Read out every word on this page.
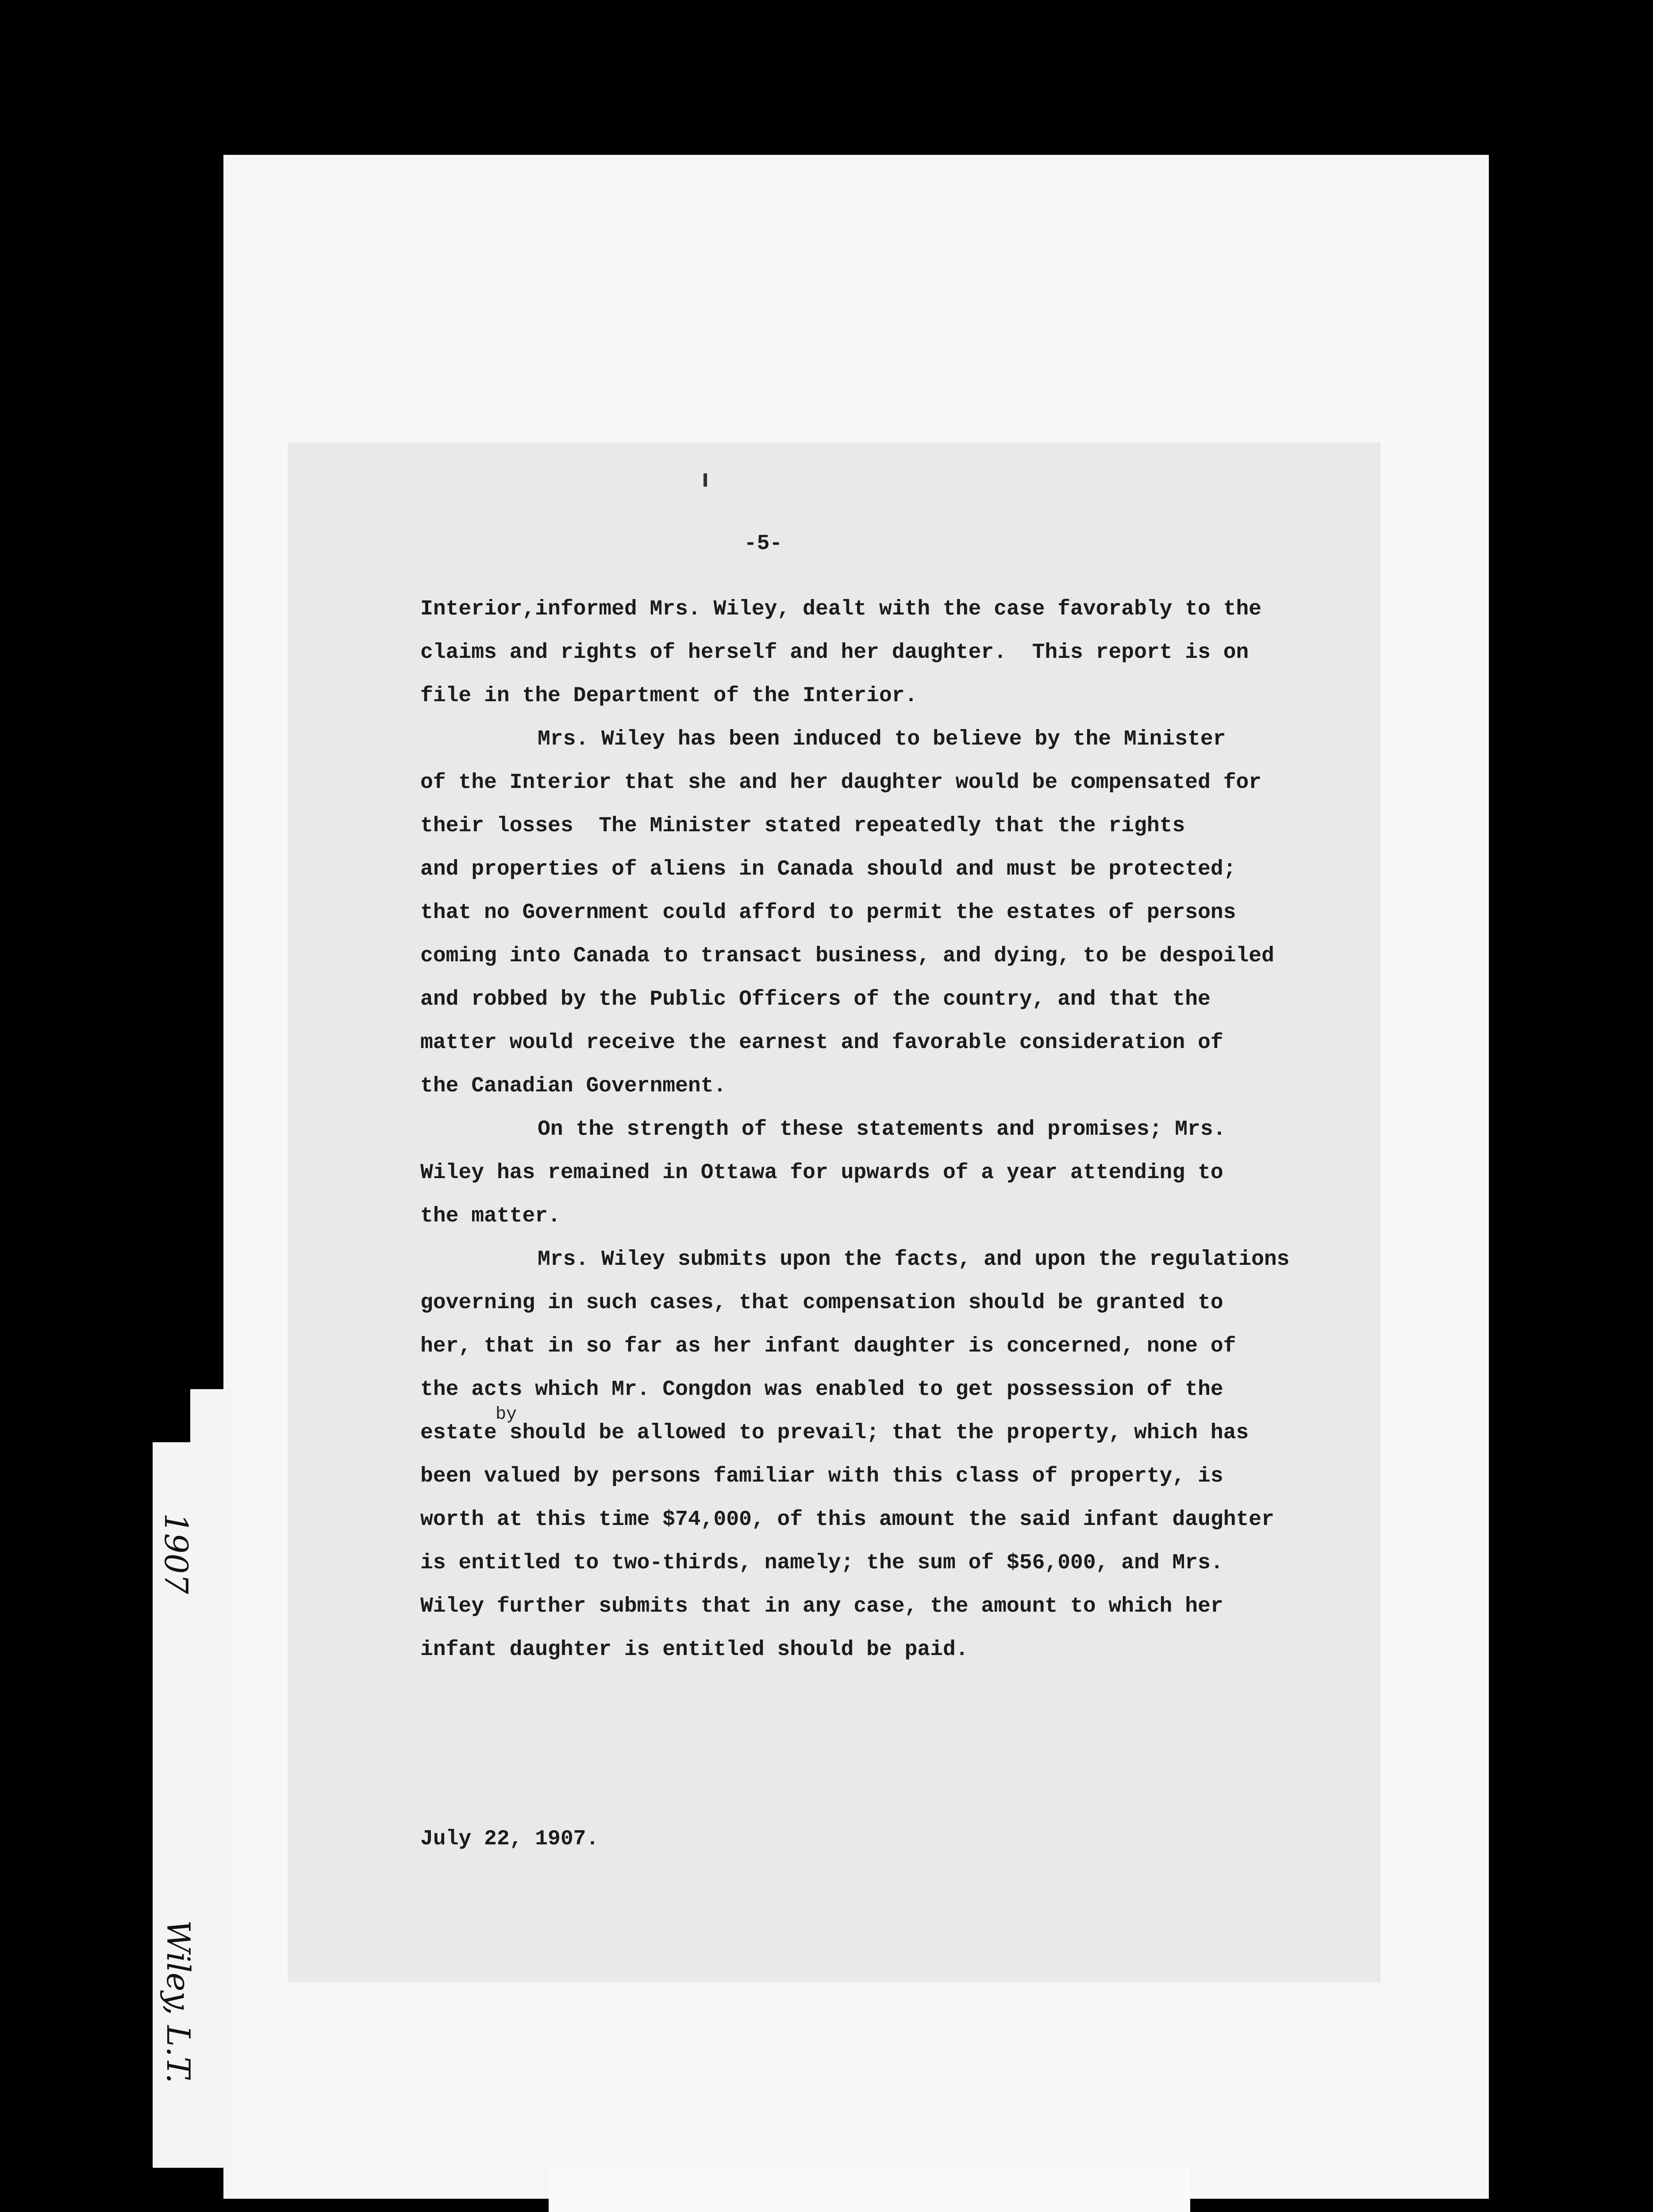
-5-

Interior,informed Mrs. Wiley, dealt with the case favorably to the
claims and rights of herself and her daughter.  This report is on
file in the Department of the Interior.

Mrs. Wiley has been induced to believe by the Minister
of the Interior that she and her daughter would be compensated for
their losses  The Minister stated repeatedly that the rights
and properties of aliens in Canada should and must be protected;
that no Government could afford to permit the estates of persons
coming into Canada to transact business, and dying, to be despoiled
and robbed by the Public Officers of the country, and that the
matter would receive the earnest and favorable consideration of
the Canadian Government.

On the strength of these statements and promises; Mrs.
Wiley has remained in Ottawa for upwards of a year attending to
the matter.

Mrs. Wiley submits upon the facts, and upon the regulations
governing in such cases, that compensation should be granted to
her, that in so far as her infant daughter is concerned, none of
the acts which Mr. Congdon was enabled to get possession of the
estate should be allowed to prevail; that the property, which has
been valued by persons familiar with this class of property, is
worth at this time $74,000, of this amount the said infant daughter
is entitled to two-thirds, namely; the sum of $56,000, and Mrs.
Wiley further submits that in any case, the amount to which her
infant daughter is entitled should be paid.

by
July 22, 1907.
1907
Wiley, L.T.
